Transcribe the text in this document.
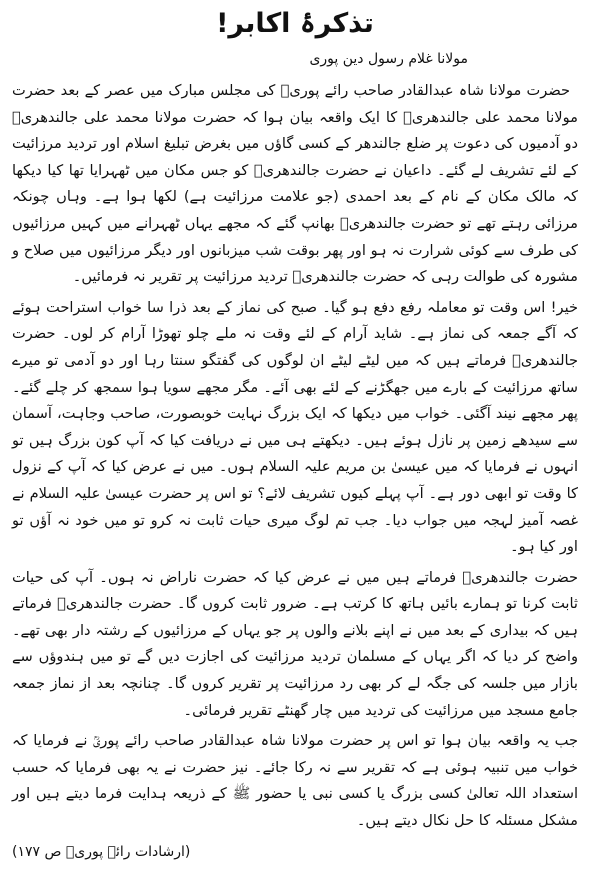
تذکرۂ اکابر!
مولانا غلام رسول دین پوری

حضرت مولانا شاہ عبدالقادر صاحب رائے پوریؒ کی مجلس مبارک میں عصر کے بعد حضرت مولانا محمد علی جالندھریؒ کا ایک واقعہ بیان ہوا کہ حضرت مولانا محمد علی جالندھریؒ دو آدمیوں کی دعوت پر ضلع جالندھر کے کسی گاؤں میں بغرض تبلیغ اسلام اور تردید مرزائیت کے لئے تشریف لے گئے۔ داعیان نے حضرت جالندھریؒ کو جس مکان میں ٹھہرایا تھا کیا دیکھا کہ مالک مکان کے نام کے بعد احمدی (جو علامت مرزائیت ہے) لکھا ہوا ہے۔ وہاں چونکہ مرزائی رہتے تھے تو حضرت جالندھریؒ بھانپ گئے کہ مجھے یہاں ٹھہرانے میں کہیں مرزائیوں کی طرف سے کوئی شرارت نہ ہو اور پھر بوقت شب میزبانوں اور دیگر مرزائیوں میں صلاح و مشورہ کی طوالت رہی کہ حضرت جالندھریؒ تردید مرزائیت پر تقریر نہ فرمائیں۔

خیر! اس وقت تو معاملہ رفع دفع ہو گیا۔ صبح کی نماز کے بعد ذرا سا خواب استراحت ہوئے کہ آگے جمعہ کی نماز ہے۔ شاید آرام کے لئے وقت نہ ملے چلو تھوڑا آرام کر لوں۔ حضرت جالندھریؒ فرماتے ہیں کہ میں لیٹے لیٹے ان لوگوں کی گفتگو سنتا رہا اور دو آدمی تو میرے ساتھ مرزائیت کے بارے میں جھگڑنے کے لئے بھی آئے۔ مگر مجھے سویا ہوا سمجھ کر چلے گئے۔ پھر مجھے نیند آگئی۔ خواب میں دیکھا کہ ایک بزرگ نہایت خوبصورت، صاحب وجاہت، آسمان سے سیدھے زمین پر نازل ہوئے ہیں۔ دیکھتے ہی میں نے دریافت کیا کہ آپ کون بزرگ ہیں تو انہوں نے فرمایا کہ میں عیسیٰ بن مریم علیہ السلام ہوں۔ میں نے عرض کیا کہ آپ کے نزول کا وقت تو ابھی دور ہے۔ آپ پہلے کیوں تشریف لائے؟ تو اس پر حضرت عیسیٰ علیہ السلام نے غصہ آمیز لہجہ میں جواب دیا۔ جب تم لوگ میری حیات ثابت نہ کرو تو میں خود نہ آؤں تو اور کیا ہو۔

حضرت جالندھریؒ فرماتے ہیں میں نے عرض کیا کہ حضرت ناراض نہ ہوں۔ آپ کی حیات ثابت کرنا تو ہمارے بائیں ہاتھ کا کرتب ہے۔ ضرور ثابت کروں گا۔ حضرت جالندھریؒ فرماتے ہیں کہ بیداری کے بعد میں نے اپنے بلانے والوں پر جو یہاں کے مرزائیوں کے رشتہ دار بھی تھے۔ واضح کر دیا کہ اگر یہاں کے مسلمان تردید مرزائیت کی اجازت دیں گے تو میں ہندوؤں سے بازار میں جلسہ کی جگہ لے کر بھی رد مرزائیت پر تقریر کروں گا۔ چنانچہ بعد از نماز جمعہ جامع مسجد میں مرزائیت کی تردید میں چار گھنٹے تقریر فرمائی۔

جب یہ واقعہ بیان ہوا تو اس پر حضرت مولانا شاہ عبدالقادر صاحب رائے پوریؒ نے فرمایا کہ خواب میں تنبیہ ہوئی ہے کہ تقریر سے نہ رکا جائے۔ نیز حضرت نے یہ بھی فرمایا کہ حسب استعداد اللہ تعالیٰ کسی بزرگ یا کسی نبی یا حضور ﷺ کے ذریعہ ہدایت فرما دیتے ہیں اور مشکل مسئلہ کا حل نکال دیتے ہیں۔

(ارشادات رائے پوریؒ ص ۱۷۷)
